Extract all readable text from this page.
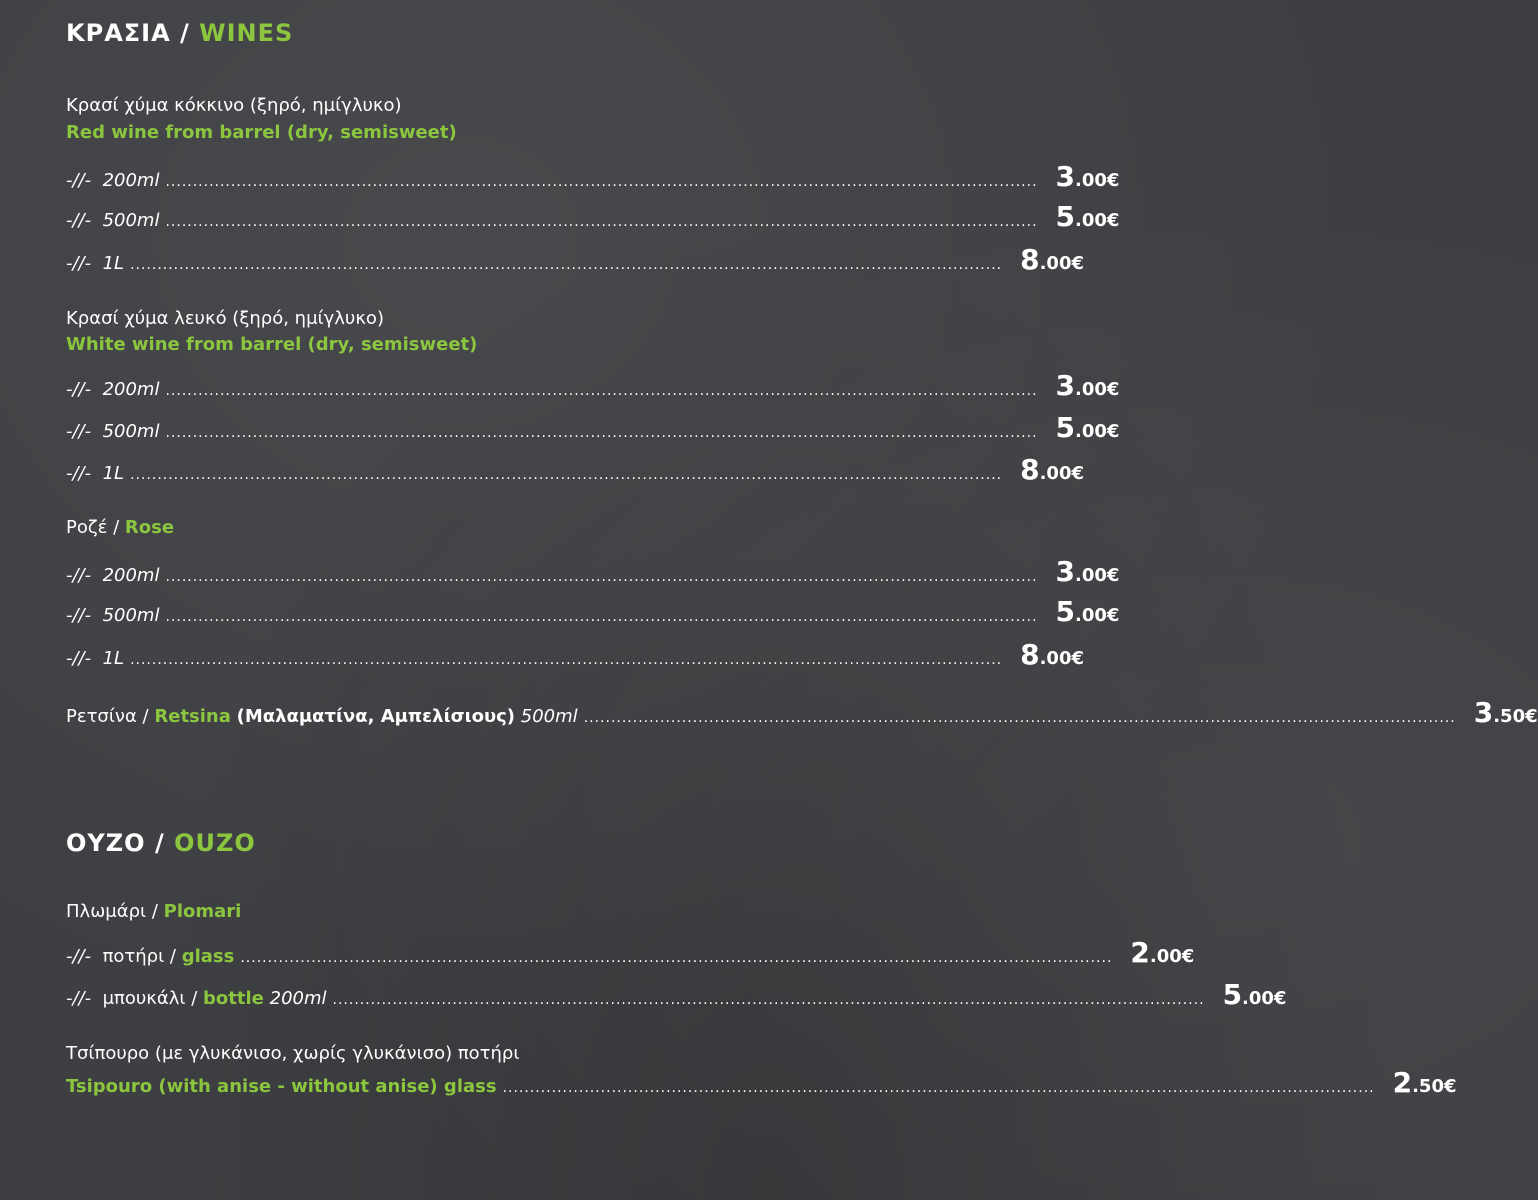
ΚΡΑΣΙΑ / WINES
Κρασί χύμα κόκκινο (ξηρό, ημίγλυκο)
Red wine from barrel (dry, semisweet)
-//- 200ml ................................................................................................................................................................ 3.00€
-//- 500ml ................................................................................................................................................................ 5.00€
-//- 1L ................................................................................................................................................................ 8.00€
Κρασί χύμα λευκό (ξηρό, ημίγλυκο)
White wine from barrel (dry, semisweet)
-//- 200ml ................................................................................................................................................................ 3.00€
-//- 500ml ................................................................................................................................................................ 5.00€
-//- 1L ................................................................................................................................................................ 8.00€
Ροζέ / Rose
-//- 200ml ................................................................................................................................................................ 3.00€
-//- 500ml ................................................................................................................................................................ 5.00€
-//- 1L ................................................................................................................................................................ 8.00€
Ρετσίνα / Retsina (Μαλαματίνα, Αμπελίσιους) 500ml ................................................................................................................................................................ 3.50€
ΟΥΖΟ / OUZO
Πλωμάρι / Plomari
-//- ποτήρι / glass ................................................................................................................................................................ 2.00€
-//- μπουκάλι / bottle 200ml ................................................................................................................................................................ 5.00€
Τσίπουρο (με γλυκάνισο, χωρίς γλυκάνισο) ποτήρι
Tsipouro (with anise - without anise) glass ................................................................................................................................................................ 2.50€
